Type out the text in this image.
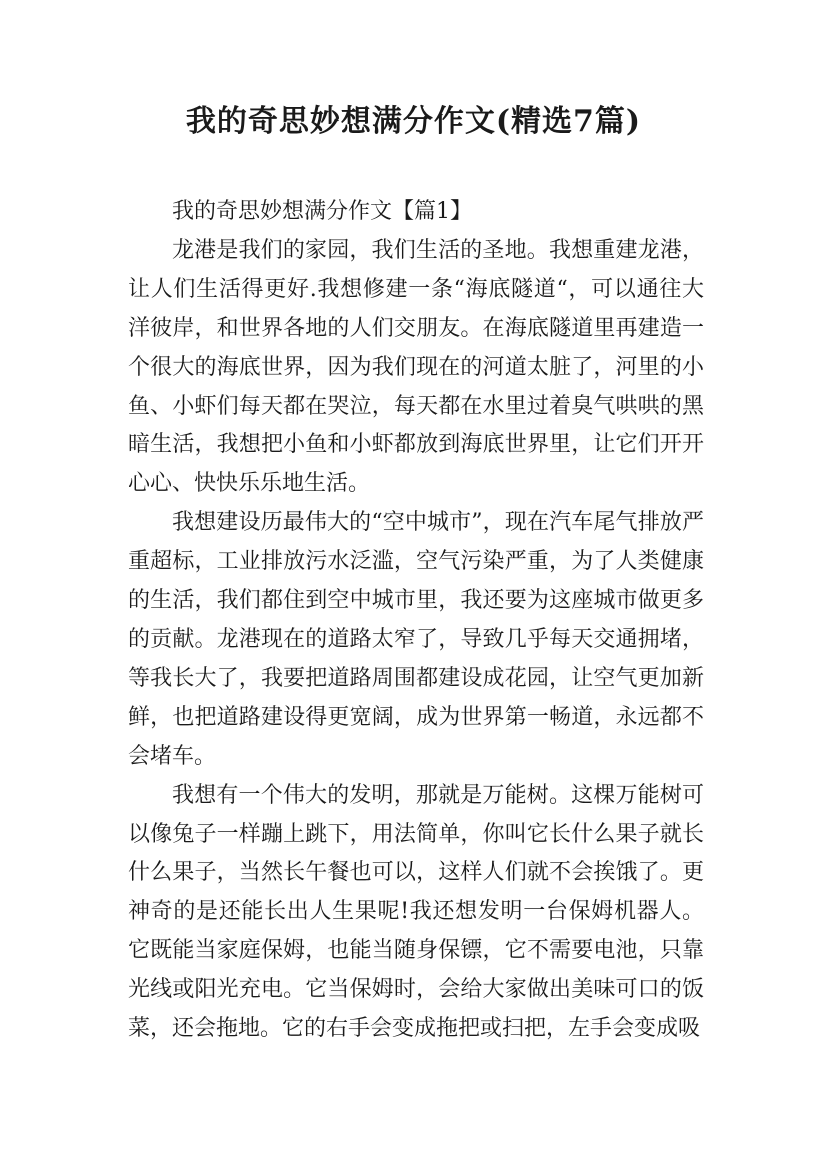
我的奇思妙想满分作文(精选7篇)

我的奇思妙想满分作文【篇1】

龙港是我们的家园，我们生活的圣地。我想重建龙港，让人们生活得更好.我想修建一条“海底隧道“，可以通往大洋彼岸，和世界各地的人们交朋友。在海底隧道里再建造一个很大的海底世界，因为我们现在的河道太脏了，河里的小鱼、小虾们每天都在哭泣，每天都在水里过着臭气哄哄的黑暗生活，我想把小鱼和小虾都放到海底世界里，让它们开开心心、快快乐乐地生活。

我想建设历最伟大的“空中城市”，现在汽车尾气排放严重超标，工业排放污水泛滥，空气污染严重，为了人类健康的生活，我们都住到空中城市里，我还要为这座城市做更多的贡献。龙港现在的道路太窄了，导致几乎每天交通拥堵，等我长大了，我要把道路周围都建设成花园，让空气更加新鲜，也把道路建设得更宽阔，成为世界第一畅道，永远都不会堵车。

我想有一个伟大的发明，那就是万能树。这棵万能树可以像兔子一样蹦上跳下，用法简单，你叫它长什么果子就长什么果子，当然长午餐也可以，这样人们就不会挨饿了。更神奇的是还能长出人生果呢!我还想发明一台保姆机器人。它既能当家庭保姆，也能当随身保镖，它不需要电池，只靠光线或阳光充电。它当保姆时，会给大家做出美味可口的饭菜，还会拖地。它的右手会变成拖把或扫把，左手会变成吸
